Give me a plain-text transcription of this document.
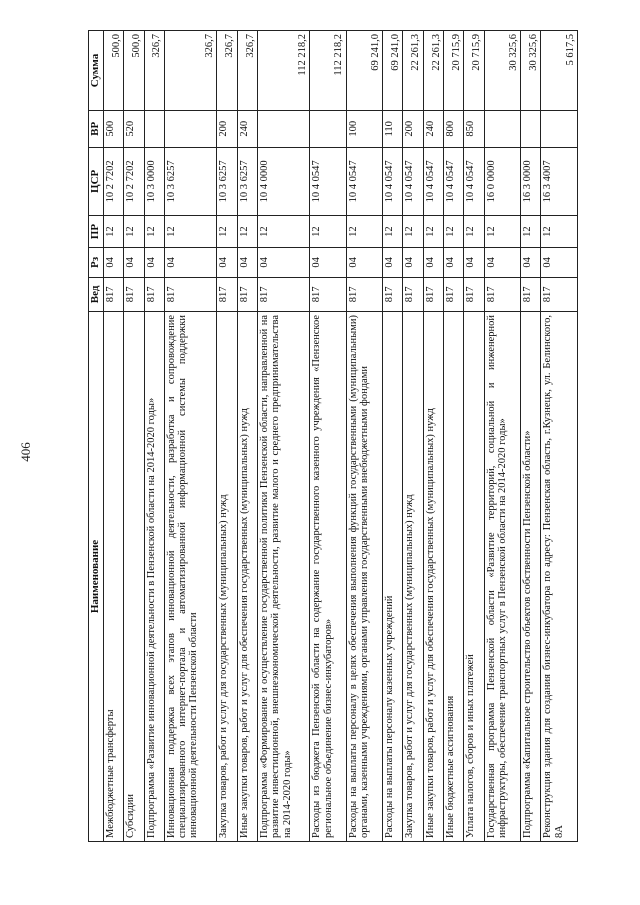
406
Наименование	Вед	Рз	ПР	ЦСР	ВР	Сумма
Межбюджетные трансферты	817	04	12	10 2 7202	500	500,0
Субсидии	817	04	12	10 2 7202	520	500,0
Подпрограмма «Развитие инновационной деятельности в Пензенской области на 2014-2020 годы»	817	04	12	10 3 0000		326,7
Инновационная поддержка всех этапов инновационной деятельности, разработка и сопровождение специализированного интернет-портала и автоматизированной информационной системы поддержки инновационной деятельности Пензенской области	817	04	12	10 3 6257		326,7
Закупка товаров, работ и услуг для государственных (муниципальных) нужд	817	04	12	10 3 6257	200	326,7
Иные закупки товаров, работ и услуг для обеспечения государственных (муниципальных) нужд	817	04	12	10 3 6257	240	326,7
Подпрограмма «Формирование и осуществление государственной политики Пензенской области, направленной на развитие инвестиционной, внешнеэкономической деятельности, развитие малого и среднего предпринимательства на 2014-2020 годы»	817	04	12	10 4 0000		112 218,2
Расходы из бюджета Пензенской области на содержание государственного казенного учреждения «Пензенское региональное объединение бизнес-инкубаторов»	817	04	12	10 4 0547		112 218,2
Расходы на выплаты персоналу в целях обеспечения выполнения функций государственными (муниципальными) органами, казенными учреждениями, органами управления государственными внебюджетными фондами	817	04	12	10 4 0547	100	69 241,0
Расходы на выплаты персоналу казенных учреждений	817	04	12	10 4 0547	110	69 241,0
Закупка товаров, работ и услуг для государственных (муниципальных) нужд	817	04	12	10 4 0547	200	22 261,3
Иные закупки товаров, работ и услуг для обеспечения государственных (муниципальных) нужд	817	04	12	10 4 0547	240	22 261,3
Иные бюджетные ассигнования	817	04	12	10 4 0547	800	20 715,9
Уплата налогов, сборов и иных платежей	817	04	12	10 4 0547	850	20 715,9
Государственная программа Пензенской области «Развитие территорий, социальной и инженерной инфраструктуры, обеспечение транспортных услуг в Пензенской области на 2014-2020 годы»	817	04	12	16 0 0000		30 325,6
Подпрограмма «Капитальное строительство объектов собственности Пензенской области»	817	04	12	16 3 0000		30 325,6
Реконструкция здания для создания бизнес-инкубатора по адресу: Пензенская область, г.Кузнецк, ул. Белинского, 8А	817	04	12	16 3 4007		5 617,5
